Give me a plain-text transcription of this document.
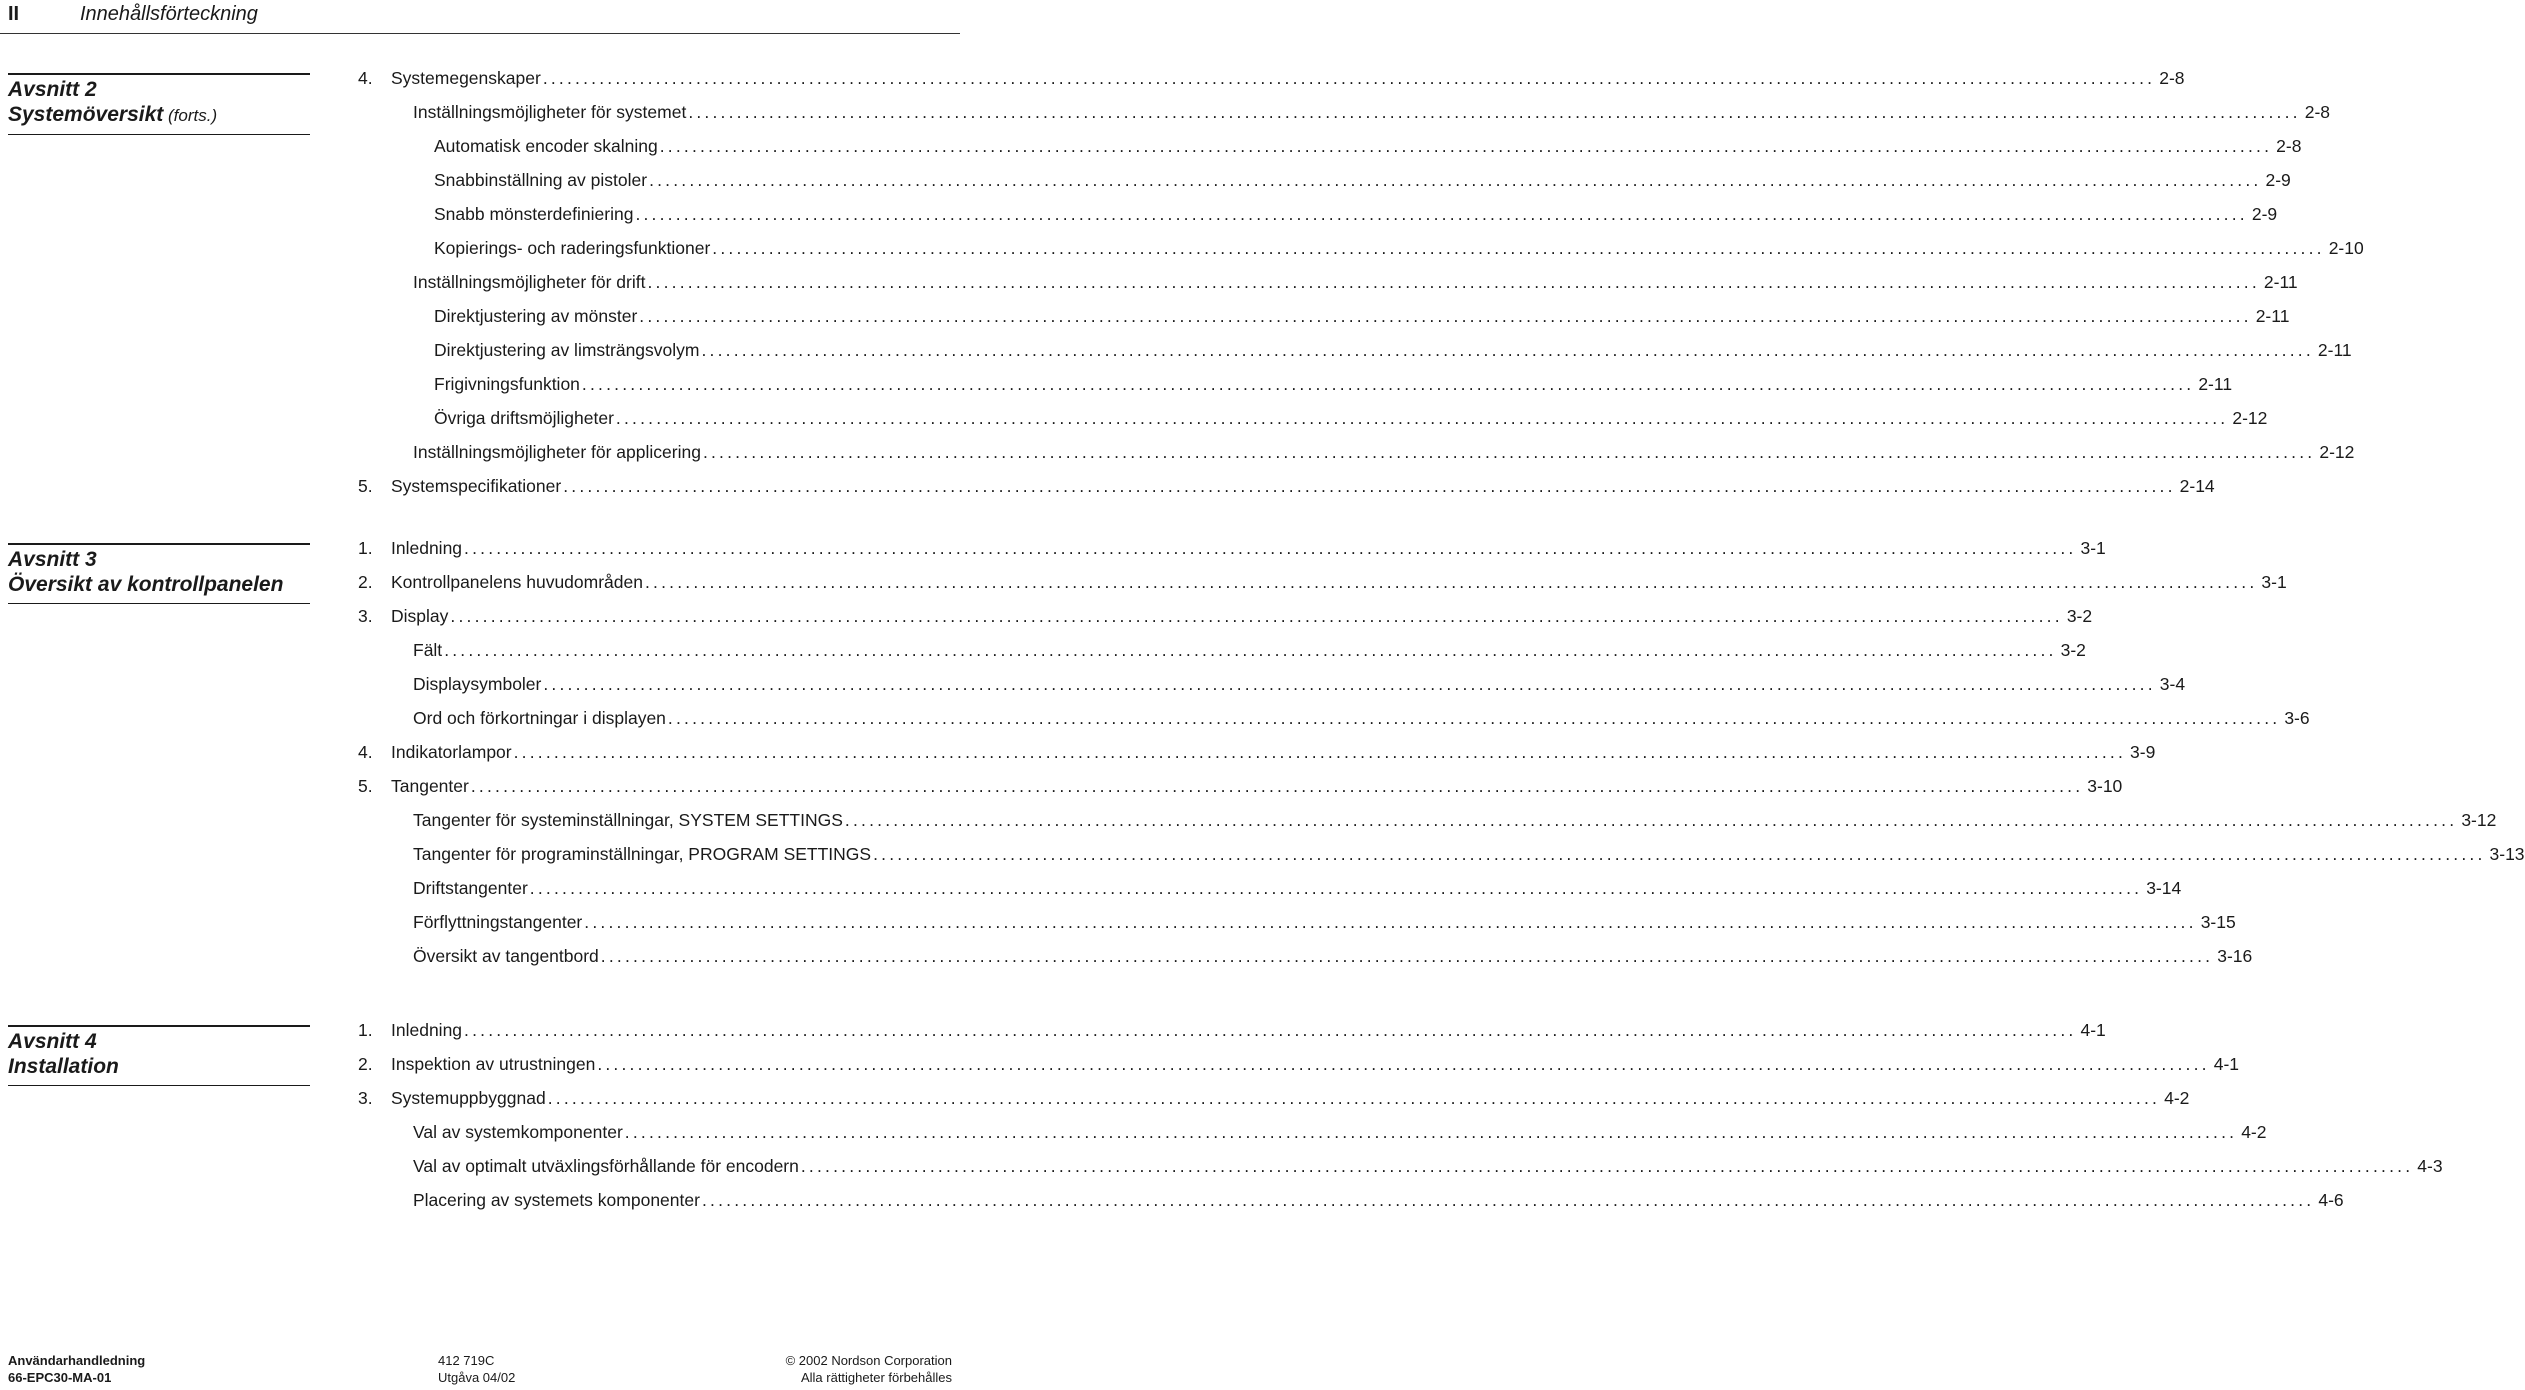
II	Innehållsförteckning
Avsnitt 2
Systemöversikt (forts.)
4.	Systemegenskaper ........................................................................................................................................................................................................ 2-8
Inställningsmöjligheter för systemet ........................................................................................................................................................................................................ 2-8
Automatisk encoder skalning ........................................................................................................................................................................................................ 2-8
Snabbinställning av pistoler ........................................................................................................................................................................................................ 2-9
Snabb mönsterdefiniering ........................................................................................................................................................................................................ 2-9
Kopierings- och raderingsfunktioner ........................................................................................................................................................................................................ 2-10
Inställningsmöjligheter för drift ........................................................................................................................................................................................................ 2-11
Direktjustering av mönster ........................................................................................................................................................................................................ 2-11
Direktjustering av limsträngsvolym ........................................................................................................................................................................................................ 2-11
Frigivningsfunktion ........................................................................................................................................................................................................ 2-11
Övriga driftsmöjligheter ........................................................................................................................................................................................................ 2-12
Inställningsmöjligheter för applicering ........................................................................................................................................................................................................ 2-12
5.	Systemspecifikationer ........................................................................................................................................................................................................ 2-14
Avsnitt 3
Översikt av kontrollpanelen
1.	Inledning ........................................................................................................................................................................................................ 3-1
2.	Kontrollpanelens huvudområden ........................................................................................................................................................................................................ 3-1
3.	Display ........................................................................................................................................................................................................ 3-2
Fält ........................................................................................................................................................................................................ 3-2
Displaysymboler ........................................................................................................................................................................................................ 3-4
Ord och förkortningar i displayen ........................................................................................................................................................................................................ 3-6
4.	Indikatorlampor ........................................................................................................................................................................................................ 3-9
5.	Tangenter ........................................................................................................................................................................................................ 3-10
Tangenter för systeminställningar, SYSTEM SETTINGS ........................................................................................................................................................................................................ 3-12
Tangenter för programinställningar, PROGRAM SETTINGS ........................................................................................................................................................................................................ 3-13
Driftstangenter ........................................................................................................................................................................................................ 3-14
Förflyttningstangenter ........................................................................................................................................................................................................ 3-15
Översikt av tangentbord ........................................................................................................................................................................................................ 3-16
Avsnitt 4
Installation
1.	Inledning ........................................................................................................................................................................................................ 4-1
2.	Inspektion av utrustningen ........................................................................................................................................................................................................ 4-1
3.	Systemuppbyggnad ........................................................................................................................................................................................................ 4-2
Val av systemkomponenter ........................................................................................................................................................................................................ 4-2
Val av optimalt utväxlingsförhållande för encodern ........................................................................................................................................................................................................ 4-3
Placering av systemets komponenter ........................................................................................................................................................................................................ 4-6
Användarhandledning
66-EPC30-MA-01
412 719C
Utgåva 04/02
© 2002 Nordson Corporation
Alla rättigheter förbehålles
